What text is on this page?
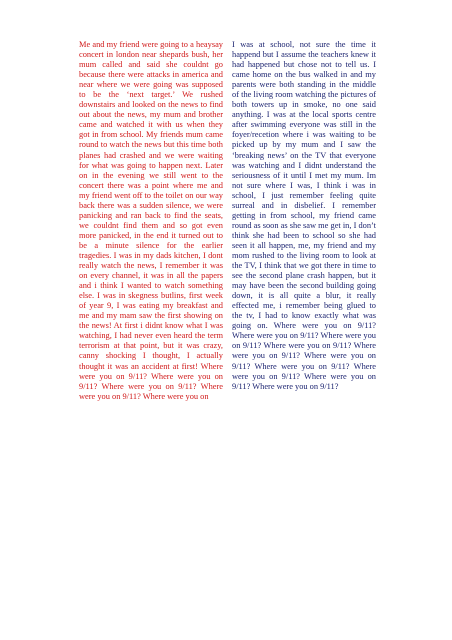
Me and my friend were going to a heaysay concert in london near shepards bush, her mum called and said she couldnt go because there were attacks in america and near where we were going was supposed to be the ‘next target.’ We rushed downstairs and looked on the news to find out about the news, my mum and brother came and watched it with us when they got in from school. My friends mum came round to watch the news but this time both planes had crashed and we were waiting for what was going to happen next. Later on in the evening we still went to the concert there was a point where me and my friend went off to the toilet on our way back there was a sudden silence, we were panicking and ran back to find the seats, we couldnt find them and so got even more panicked, in the end it turned out to be a minute silence for the earlier tragedies. I was in my dads kitchen, I dont really watch the news, I remember it was on every channel, it was in all the papers and i think I wanted to watch something else. I was in skegness butlins, first week of year 9, I was eating my breakfast and me and my mam saw the first showing on the news! At first i didnt know what I was watching, I had never even heard the term terrorism at that point, but it was crazy, canny shocking I thought, I actually thought it was an accident at first! Where were you on 9/11? Where were you on 9/11? Where were you on 9/11? Where were you on 9/11? Where were you on

I was at school, not sure the time it happend but I assume the teachers knew it had happened but chose not to tell us. I came home on the bus walked in and my parents were both standing in the middle of the living room watching the pictures of both towers up in smoke, no one said anything. I was at the local sports centre after swimming everyone was still in the foyer/recetion where i was waiting to be picked up by my mum and I saw the ‘breaking news’ on the TV that everyone was watching and I didnt understand the seriousness of it until I met my mum. Im not sure where I was, I think i was in school, I just remember feeling quite surreal and in disbelief. I remember getting in from school, my friend came round as soon as she saw me get in, I don’t think she had been to school so she had seen it all happen, me, my friend and my mom rushed to the living room to look at the TV, I think that we got there in time to see the second plane crash happen, but it may have been the second building going down, it is all quite a blur, it really effected me, i remember being glued to the tv, I had to know exactly what was going on. Where were you on 9/11? Where were you on 9/11? Where were you on 9/11? Where were you on 9/11? Where were you on 9/11? Where were you on 9/11? Where were you on 9/11? Where were you on 9/11? Where were you on 9/11? Where were you on 9/11?
